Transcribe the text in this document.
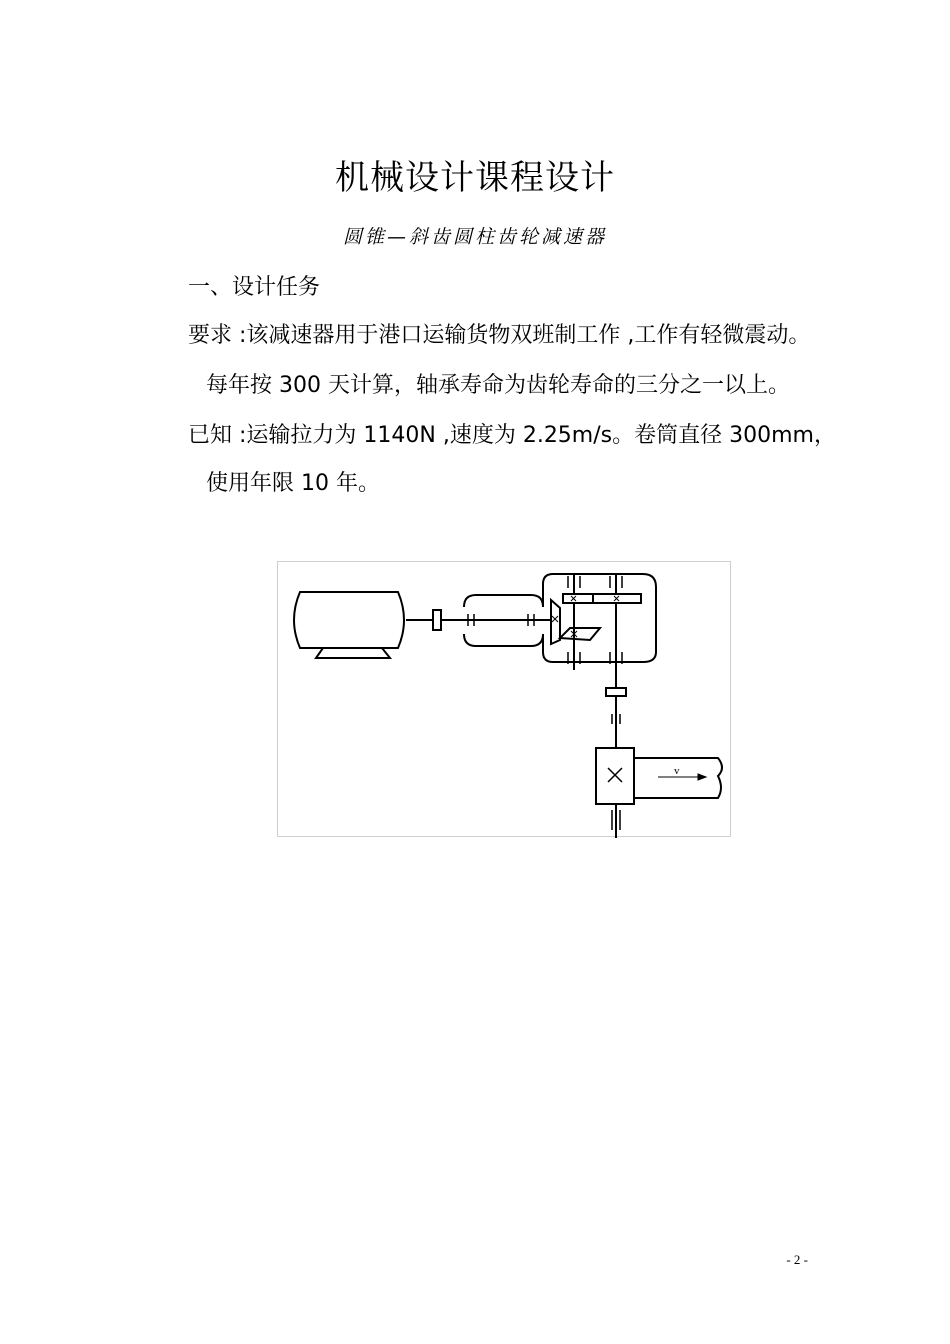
机械设计课程设计
圆锥—斜齿圆柱齿轮减速器
一、设计任务
要求 :该减速器用于港口运输货物双班制工作 ,工作有轻微震动。
每年按 300 天计算，轴承寿命为齿轮寿命的三分之一以上。
已知 :运输拉力为 1140N ,速度为 2.25m/s。卷筒直径 300mm，
使用年限 10 年。
v
- 2 -
